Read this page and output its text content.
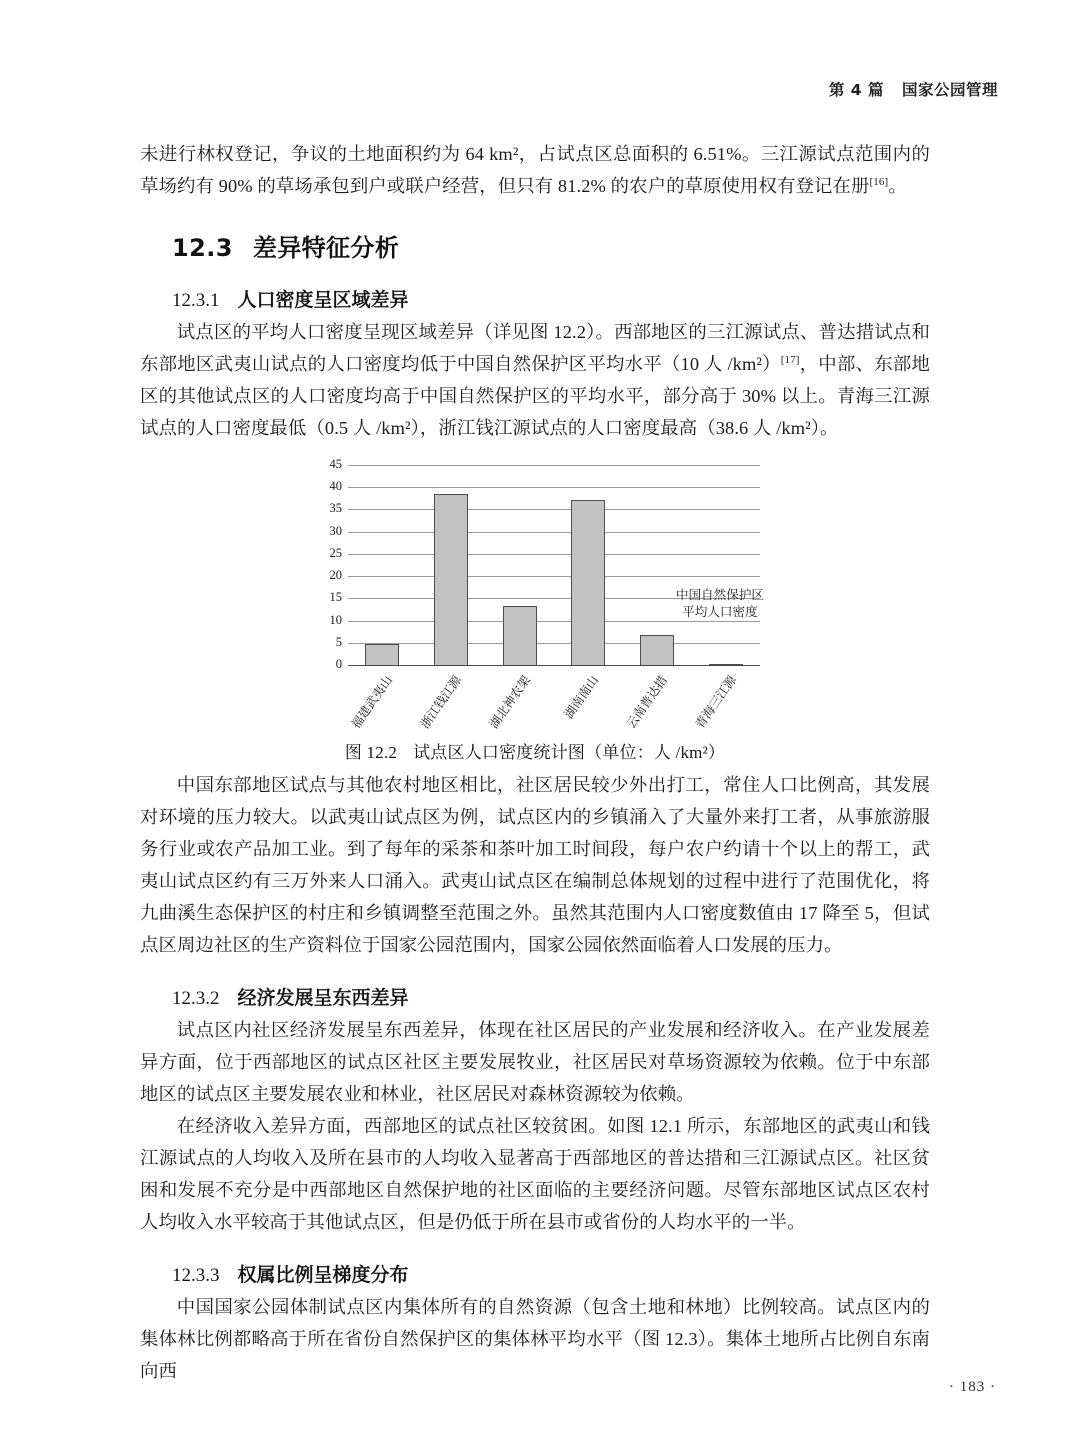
第 4 篇 国家公园管理

未进行林权登记，争议的土地面积约为 64 km²，占试点区总面积的 6.51%。三江源试点范围内的草场约有 90% 的草场承包到户或联户经营，但只有 81.2% 的农户的草原使用权有登记在册[16]。

12.3 差异特征分析
12.3.1 人口密度呈区域差异

试点区的平均人口密度呈现区域差异（详见图 12.2）。西部地区的三江源试点、普达措试点和东部地区武夷山试点的人口密度均低于中国自然保护区平均水平（10 人 /km²）[17]，中部、东部地区的其他试点区的人口密度均高于中国自然保护区的平均水平，部分高于 30% 以上。青海三江源试点的人口密度最低（0.5 人 /km²），浙江钱江源试点的人口密度最高（38.6 人 /km²）。

0
5
10
15
20
25
30
35
40
45
福建武夷山 浙江钱江源 湖北神农架 湖南南山 云南普达措 青海三江源
中国自然保护区
平均人口密度
图 12.2 试点区人口密度统计图（单位：人 /km²）

中国东部地区试点与其他农村地区相比，社区居民较少外出打工，常住人口比例高，其发展对环境的压力较大。以武夷山试点区为例，试点区内的乡镇涌入了大量外来打工者，从事旅游服务行业或农产品加工业。到了每年的采茶和茶叶加工时间段，每户农户约请十个以上的帮工，武夷山试点区约有三万外来人口涌入。武夷山试点区在编制总体规划的过程中进行了范围优化，将九曲溪生态保护区的村庄和乡镇调整至范围之外。虽然其范围内人口密度数值由 17 降至 5，但试点区周边社区的生产资料位于国家公园范围内，国家公园依然面临着人口发展的压力。

12.3.2 经济发展呈东西差异

试点区内社区经济发展呈东西差异，体现在社区居民的产业发展和经济收入。在产业发展差异方面，位于西部地区的试点区社区主要发展牧业，社区居民对草场资源较为依赖。位于中东部地区的试点区主要发展农业和林业，社区居民对森林资源较为依赖。

在经济收入差异方面，西部地区的试点社区较贫困。如图 12.1 所示，东部地区的武夷山和钱江源试点的人均收入及所在县市的人均收入显著高于西部地区的普达措和三江源试点区。社区贫困和发展不充分是中西部地区自然保护地的社区面临的主要经济问题。尽管东部地区试点区农村人均收入水平较高于其他试点区，但是仍低于所在县市或省份的人均水平的一半。

12.3.3 权属比例呈梯度分布

中国国家公园体制试点区内集体所有的自然资源（包含土地和林地）比例较高。试点区内的集体林比例都略高于所在省份自然保护区的集体林平均水平（图 12.3）。集体土地所占比例自东南向西

· 183 ·
